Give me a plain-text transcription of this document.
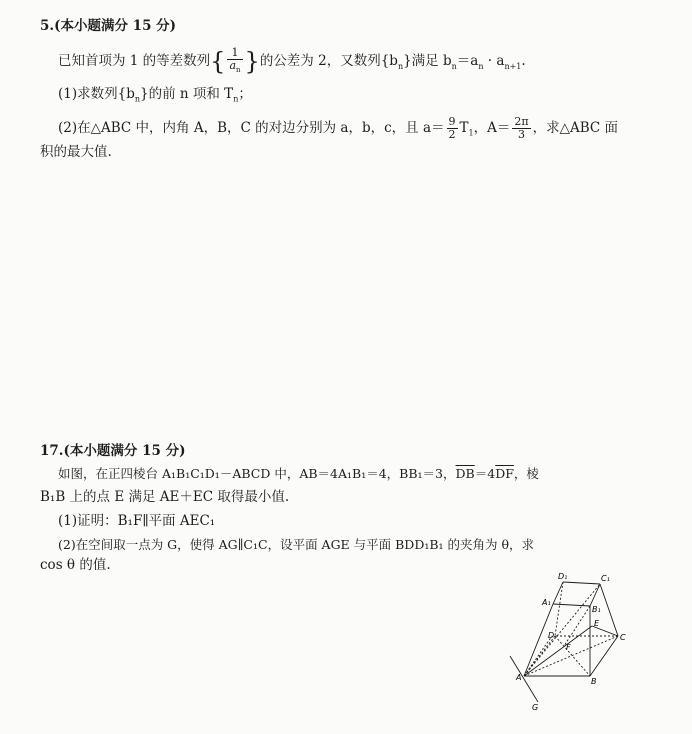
5.(本小题满分 15 分)
已知首项为 1 的等差数列{ $\frac{1}{a_n}$ }的公差为 2，又数列$\{b_n\}$满足 $b_n=a_n \cdot a_{n+1}$.
(1)求数列$\{b_n\}$的前 n 项和 $T_n$；
(2)在△ABC 中，内角 A，B，C 的对边分别为 a，b，c，且 $a= \frac{9}{2} T_1$，$A= \frac{2\pi}{3}$ ，求△ABC 面
积的最大值.
17.(本小题满分 15 分)
如图，在正四棱台 A₁B₁C₁D₁－ABCD 中，AB＝4A₁B₁＝4，BB₁＝3，$\overline{DB}=4\overline{DF}$，棱
B₁B 上的点 E 满足 AE＋EC 取得最小值.
(1)证明：B₁F∥平面 AEC₁
(2)在空间取一点为 G，使得 AG∥C₁C，设平面 AGE 与平面 BDD₁B₁ 的夹角为 θ，求
cos θ 的值.
D₁	C₁
A₁
B₁
D
E
F
C
A	B
G
